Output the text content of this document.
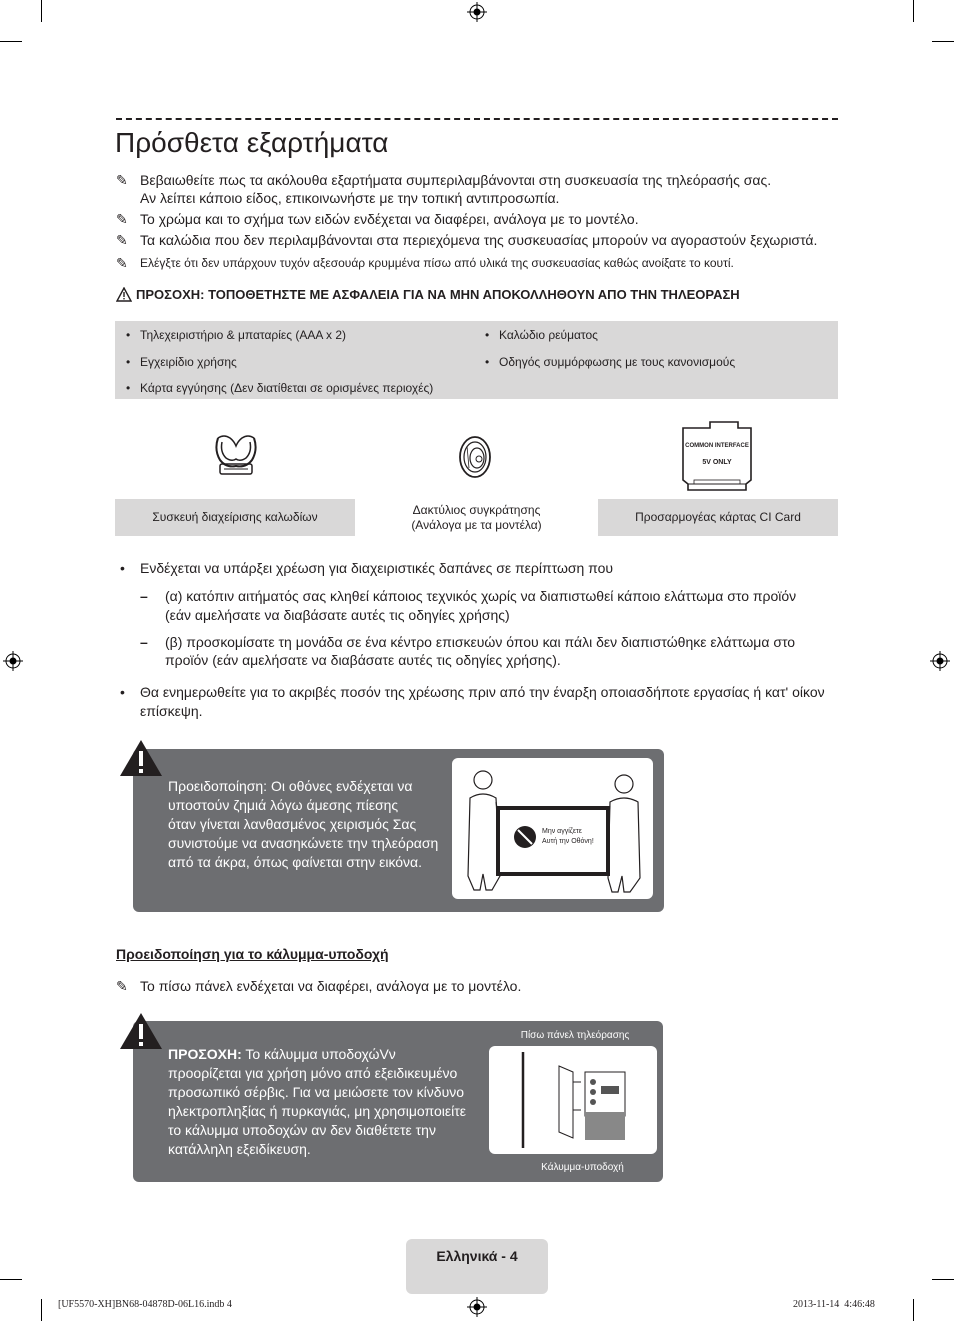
Πρόσθετα εξαρτήματα
✎ Βεβαιωθείτε πως τα ακόλουθα εξαρτήματα συμπεριλαμβάνονται στη συσκευασία της τηλεόρασής σας.
Αν λείπει κάποιο είδος, επικοινωνήστε με την τοπική αντιπροσωπία.
✎ Το χρώμα και το σχήμα των ειδών ενδέχεται να διαφέρει, ανάλογα με το μοντέλο.
✎ Τα καλώδια που δεν περιλαμβάνονται στα περιεχόμενα της συσκευασίας μπορούν να αγοραστούν ξεχωριστά.
✎ Ελέγξτε ότι δεν υπάρχουν τυχόν αξεσουάρ κρυμμένα πίσω από υλικά της συσκευασίας καθώς ανοίξατε το κουτί.
ΠΡΟΣΟΧΗ: ΤΟΠΟΘΕΤΗΣΤΕ ΜΕ ΑΣΦΑΛΕΙΑ ΓΙΑ ΝΑ ΜΗΝ ΑΠΟΚΟΛΛΗΘΟΥΝ ΑΠΟ ΤΗΝ ΤΗΛΕΟΡΑΣΗ
• Τηλεχειριστήριο & μπαταρίες (AAA x 2)	• Καλώδιο ρεύματος
• Εγχειρίδιο χρήσης	• Οδηγός συμμόρφωσης με τους κανονισμούς
• Κάρτα εγγύησης (Δεν διατίθεται σε ορισμένες περιοχές)
COMMON INTERFACE
5V ONLY
Συσκευή διαχείρισης καλωδίων
Δακτύλιος συγκράτησης
(Ανάλογα με τα μοντέλα)
Προσαρμογέας κάρτας CI Card
• Ενδέχεται να υπάρξει χρέωση για διαχειριστικές δαπάνες σε περίπτωση που
– (α) κατόπιν αιτήματός σας κληθεί κάποιος τεχνικός χωρίς να διαπιστωθεί κάποιο ελάττωμα στο προϊόν
(εάν αμελήσατε να διαβάσατε αυτές τις οδηγίες χρήσης)
– (β) προσκομίσατε τη μονάδα σε ένα κέντρο επισκευών όπου και πάλι δεν διαπιστώθηκε ελάττωμα στο
προϊόν (εάν αμελήσατε να διαβάσατε αυτές τις οδηγίες χρήσης).
• Θα ενημερωθείτε για το ακριβές ποσόν της χρέωσης πριν από την έναρξη οποιασδήποτε εργασίας ή κατ' οίκον
επίσκεψη.
Προειδοποίηση: Οι οθόνες ενδέχεται να
υποστούν ζημιά λόγω άμεσης πίεσης
όταν γίνεται λανθασμένος χειρισμός Σας
συνιστούμε να ανασηκώνετε την τηλεόραση
από τα άκρα, όπως φαίνεται στην εικόνα.
Μην αγγίζετε
Αυτή την Οθόνη!
Προειδοποίηση για το κάλυμμα-υποδοχή
✎ Το πίσω πάνελ ενδέχεται να διαφέρει, ανάλογα με το μοντέλο.
ΠΡΟΣΟΧΗ: Το κάλυμμα υποδοχώVν
προορίζεται για χρήση μόνο από εξειδικευμένο
προσωπικό σέρβις. Για να μειώσετε τον κίνδυνο
ηλεκτροπληξίας ή πυρκαγιάς, μη χρησιμοποιείτε
το κάλυμμα υποδοχών αν δεν διαθέτετε την
κατάλληλη εξειδίκευση.
Πίσω πάνελ τηλεόρασης
Κάλυμμα-υποδοχή
Ελληνικά - 4
[UF5570-XH]BN68-04878D-06L16.indb 4	2013-11-14 ️ 4:46:48
